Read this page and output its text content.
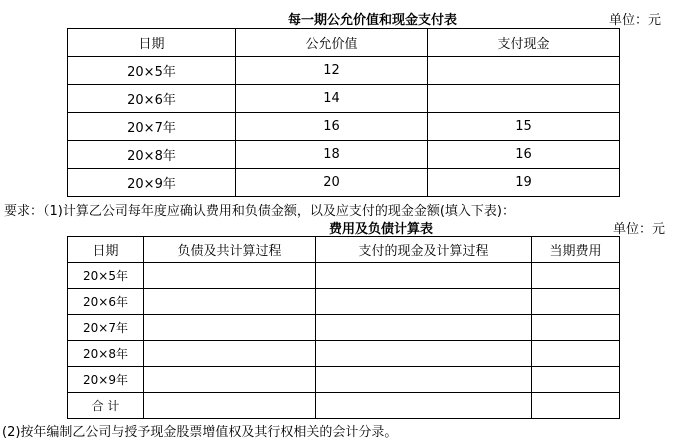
每一期公允价值和现金支付表	单位：元
日期	公允价值	支付现金
20×5年	12	
20×6年	14	
20×7年	16	15
20×8年	18	16
20×9年	20	19
要求：（1)计算乙公司每年度应确认费用和负债金额，以及应支付的现金金额(填入下表)：
费用及负债计算表	单位：元
日期	负债及共计算过程	支付的现金及计算过程	当期费用
20×5年			
20×6年			
20×7年			
20×8年			
20×9年			
合 计			
(2)按年编制乙公司与授予现金股票增值权及其行权相关的会计分录。
